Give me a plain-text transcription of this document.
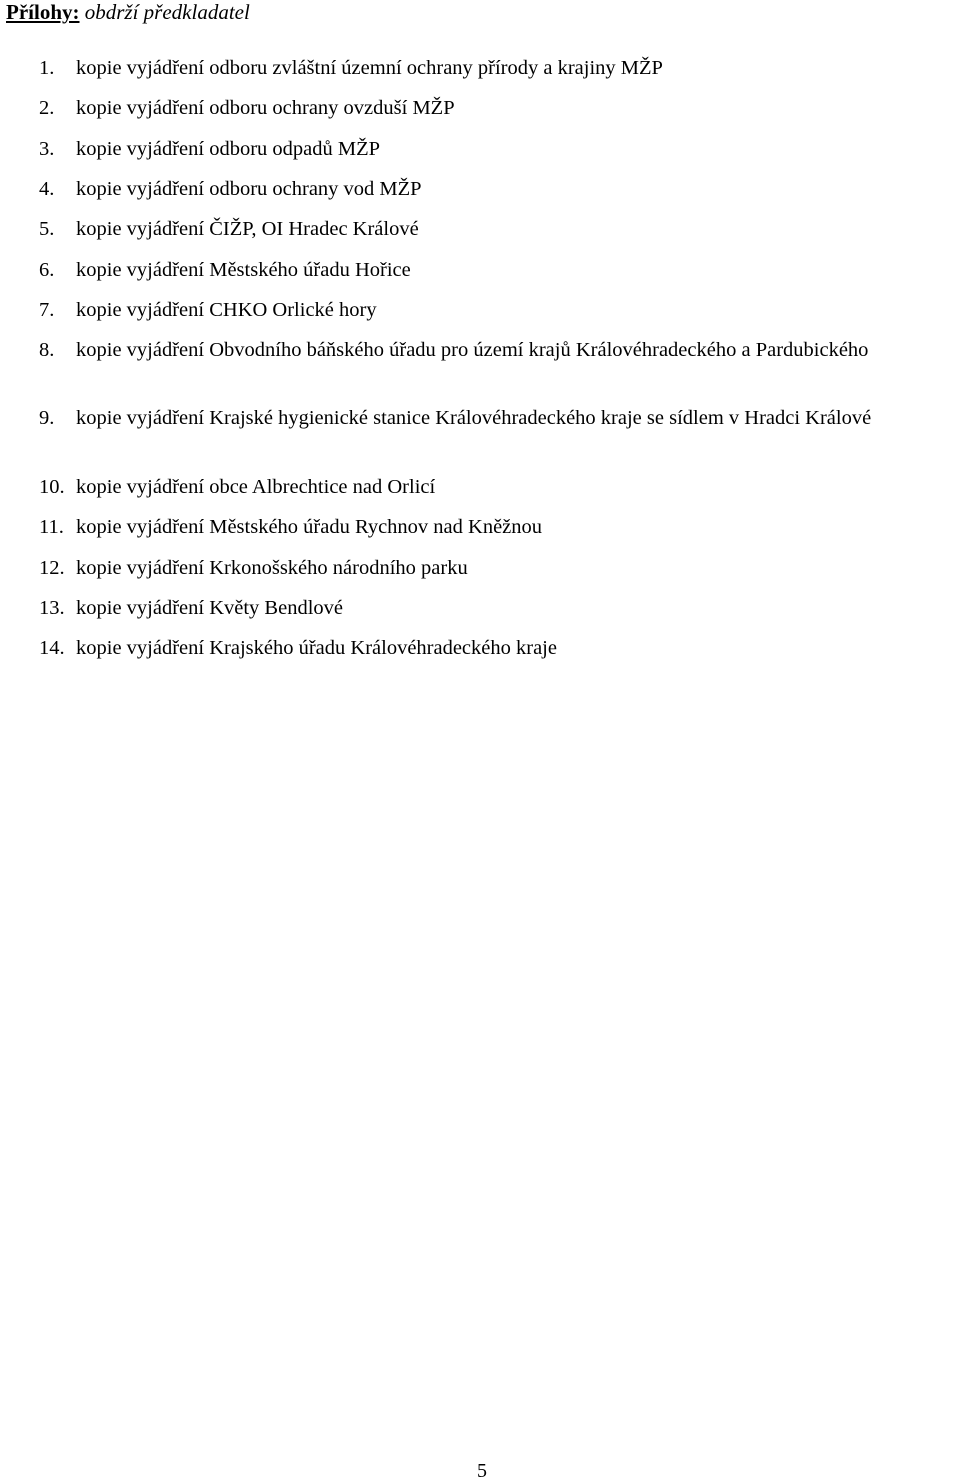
Přílohy: obdrží předkladatel
1. kopie vyjádření odboru zvláštní územní ochrany přírody a krajiny MŽP
2. kopie vyjádření odboru ochrany ovzduší MŽP
3. kopie vyjádření odboru odpadů MŽP
4. kopie vyjádření odboru ochrany vod MŽP
5. kopie vyjádření ČIŽP, OI Hradec Králové
6. kopie vyjádření Městského úřadu Hořice
7. kopie vyjádření CHKO Orlické hory
8. kopie vyjádření Obvodního báňského úřadu pro území krajů Královéhradeckého a Pardubického
9. kopie vyjádření Krajské hygienické stanice Královéhradeckého kraje se sídlem v Hradci Králové
10. kopie vyjádření obce Albrechtice nad Orlicí
11. kopie vyjádření Městského úřadu Rychnov nad Kněžnou
12. kopie vyjádření Krkonošského národního parku
13. kopie vyjádření Květy Bendlové
14. kopie vyjádření Krajského úřadu Královéhradeckého kraje
5
